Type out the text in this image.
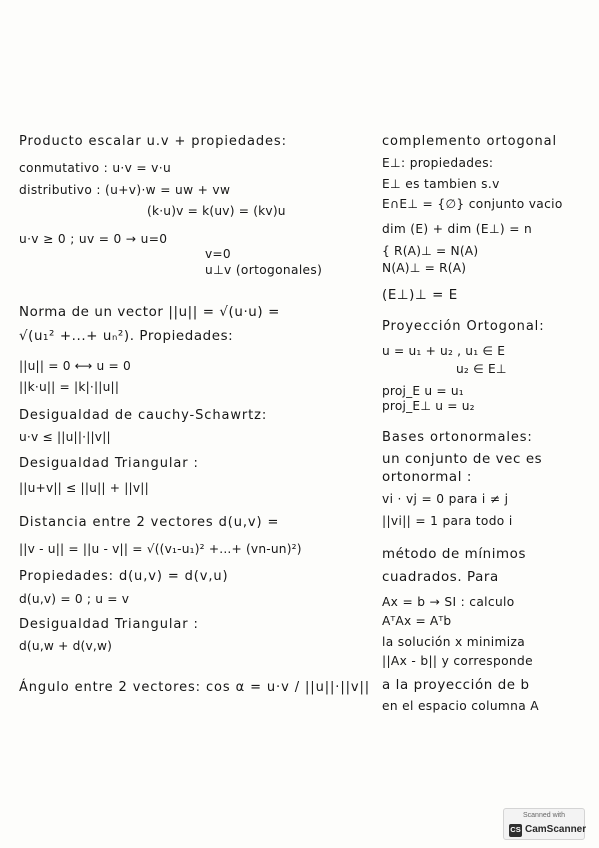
Producto escalar u.v + propiedades:
conmutativo : u·v = v·u
distributivo : (u+v)·w = uw + vw
(k·u)v = k(uv) = (kv)u
u·v ≥ 0 ; uv = 0 → u=0
v=0
u⊥v (ortogonales)
Norma de un vector ||u|| = √(u·u) =
√(u₁² +...+ uₙ²). Propiedades:
||u|| = 0 ⟷ u = 0
||k·u|| = |k|·||u||
Desigualdad de cauchy-Schawrtz:
u·v ≤ ||u||·||v||
Desigualdad Triangular :
||u+v|| ≤ ||u|| + ||v||
Distancia entre 2 vectores d(u,v) =
||v - u|| = ||u - v|| = √((v₁-u₁)² +...+ (vn-un)²)
Propiedades: d(u,v) = d(v,u)
d(u,v) = 0 ; u = v
Desigualdad Triangular :
d(u,w + d(v,w)
Ángulo entre 2 vectores: cos α = u·v / ||u||·||v||
complemento ortogonal
E⊥: propiedades:
E⊥ es tambien s.v
E∩E⊥ = {∅} conjunto vacio
dim (E) + dim (E⊥) = n
{ R(A)⊥ = N(A)
N(A)⊥ = R(A)
(E⊥)⊥ = E
Proyección Ortogonal:
u = u₁ + u₂ , u₁ ∈ E
u₂ ∈ E⊥
proj_E u = u₁
proj_E⊥ u = u₂
Bases ortonormales:
un conjunto de vec es
ortonormal :
vi · vj = 0 para i ≠ j
||vi|| = 1 para todo i
método de mínimos
cuadrados. Para
Ax = b → SI : calculo
AᵀAx = Aᵀb
la solución x minimiza
||Ax - b|| y corresponde
a la proyección de b
en el espacio columna A
Scanned with
CS CamScanner
